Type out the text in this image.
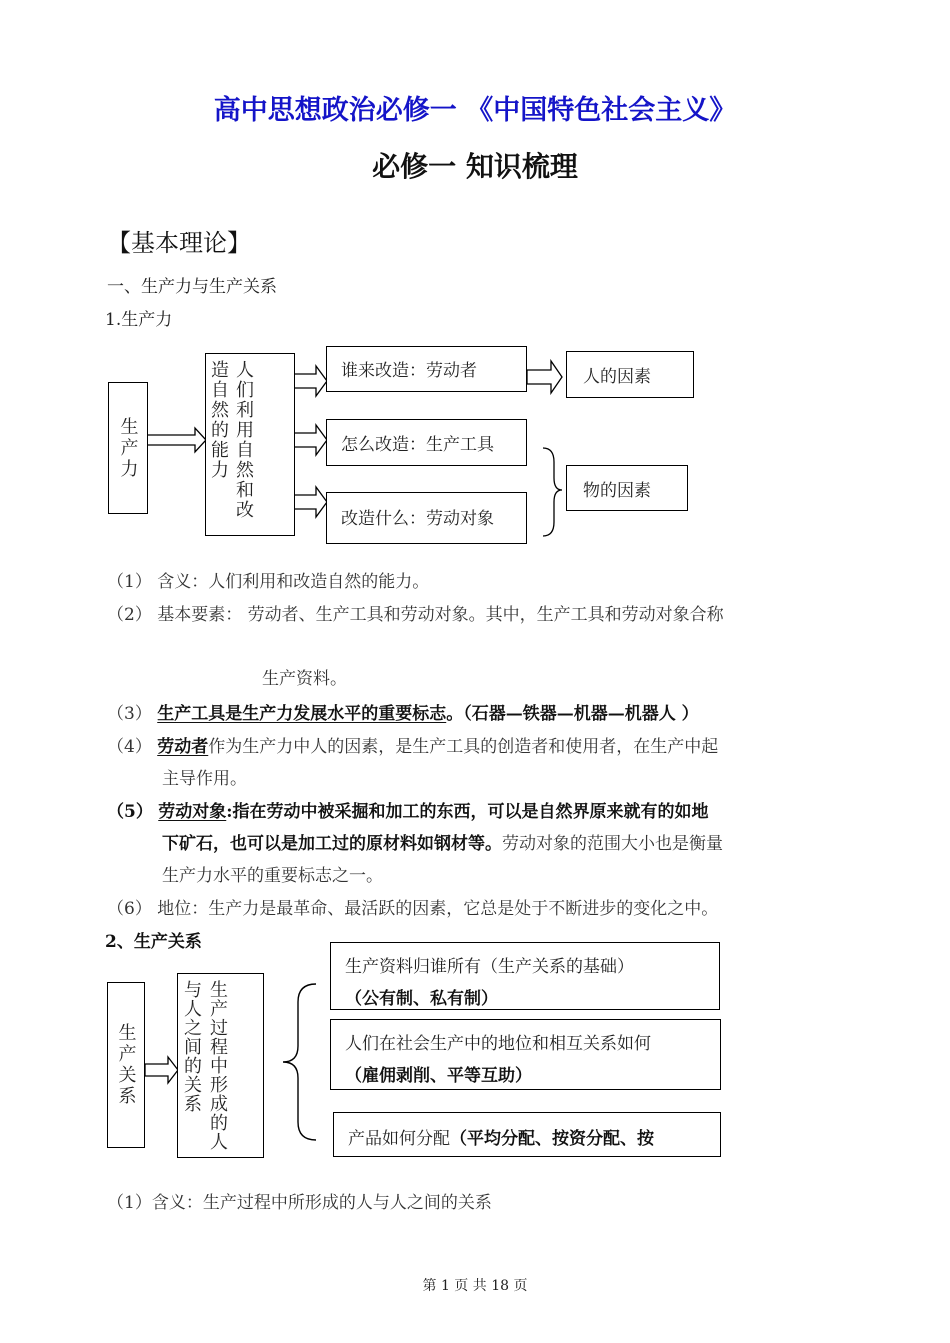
高中思想政治必修一 《中国特色社会主义》
必修一 知识梳理
【基本理论】
一、生产力与生产关系
1.生产力
生产力	人们利用自然和改造自然的能力	谁来改造：劳动者
怎么改造：生产工具
改造什么：劳动对象
人的因素
物的因素
（1） 含义：人们利用和改造自然的能力。
（2） 基本要素： 劳动者、生产工具和劳动对象。其中，生产工具和劳动对象合称
生产资料。
（3） 生产工具是生产力发展水平的重要标志。（石器—铁器—机器—机器人 ）
（4） 劳动者作为生产力中人的因素，是生产工具的创造者和使用者，在生产中起
主导作用。
（5） 劳动对象:指在劳动中被采掘和加工的东西，可以是自然界原来就有的如地
下矿石，也可以是加工过的原材料如钢材等。劳动对象的范围大小也是衡量
生产力水平的重要标志之一。
（6） 地位：生产力是最革命、最活跃的因素，它总是处于不断进步的变化之中。
2、生产关系
生产关系	生产过程中形成的人与人之间的关系
生产资料归谁所有（生产关系的基础）
（公有制、私有制）
人们在社会生产中的地位和相互关系如何
（雇佣剥削、平等互助）
产品如何分配（平均分配、按资分配、按
（1）含义：生产过程中所形成的人与人之间的关系
第 1 页 共 18 页
